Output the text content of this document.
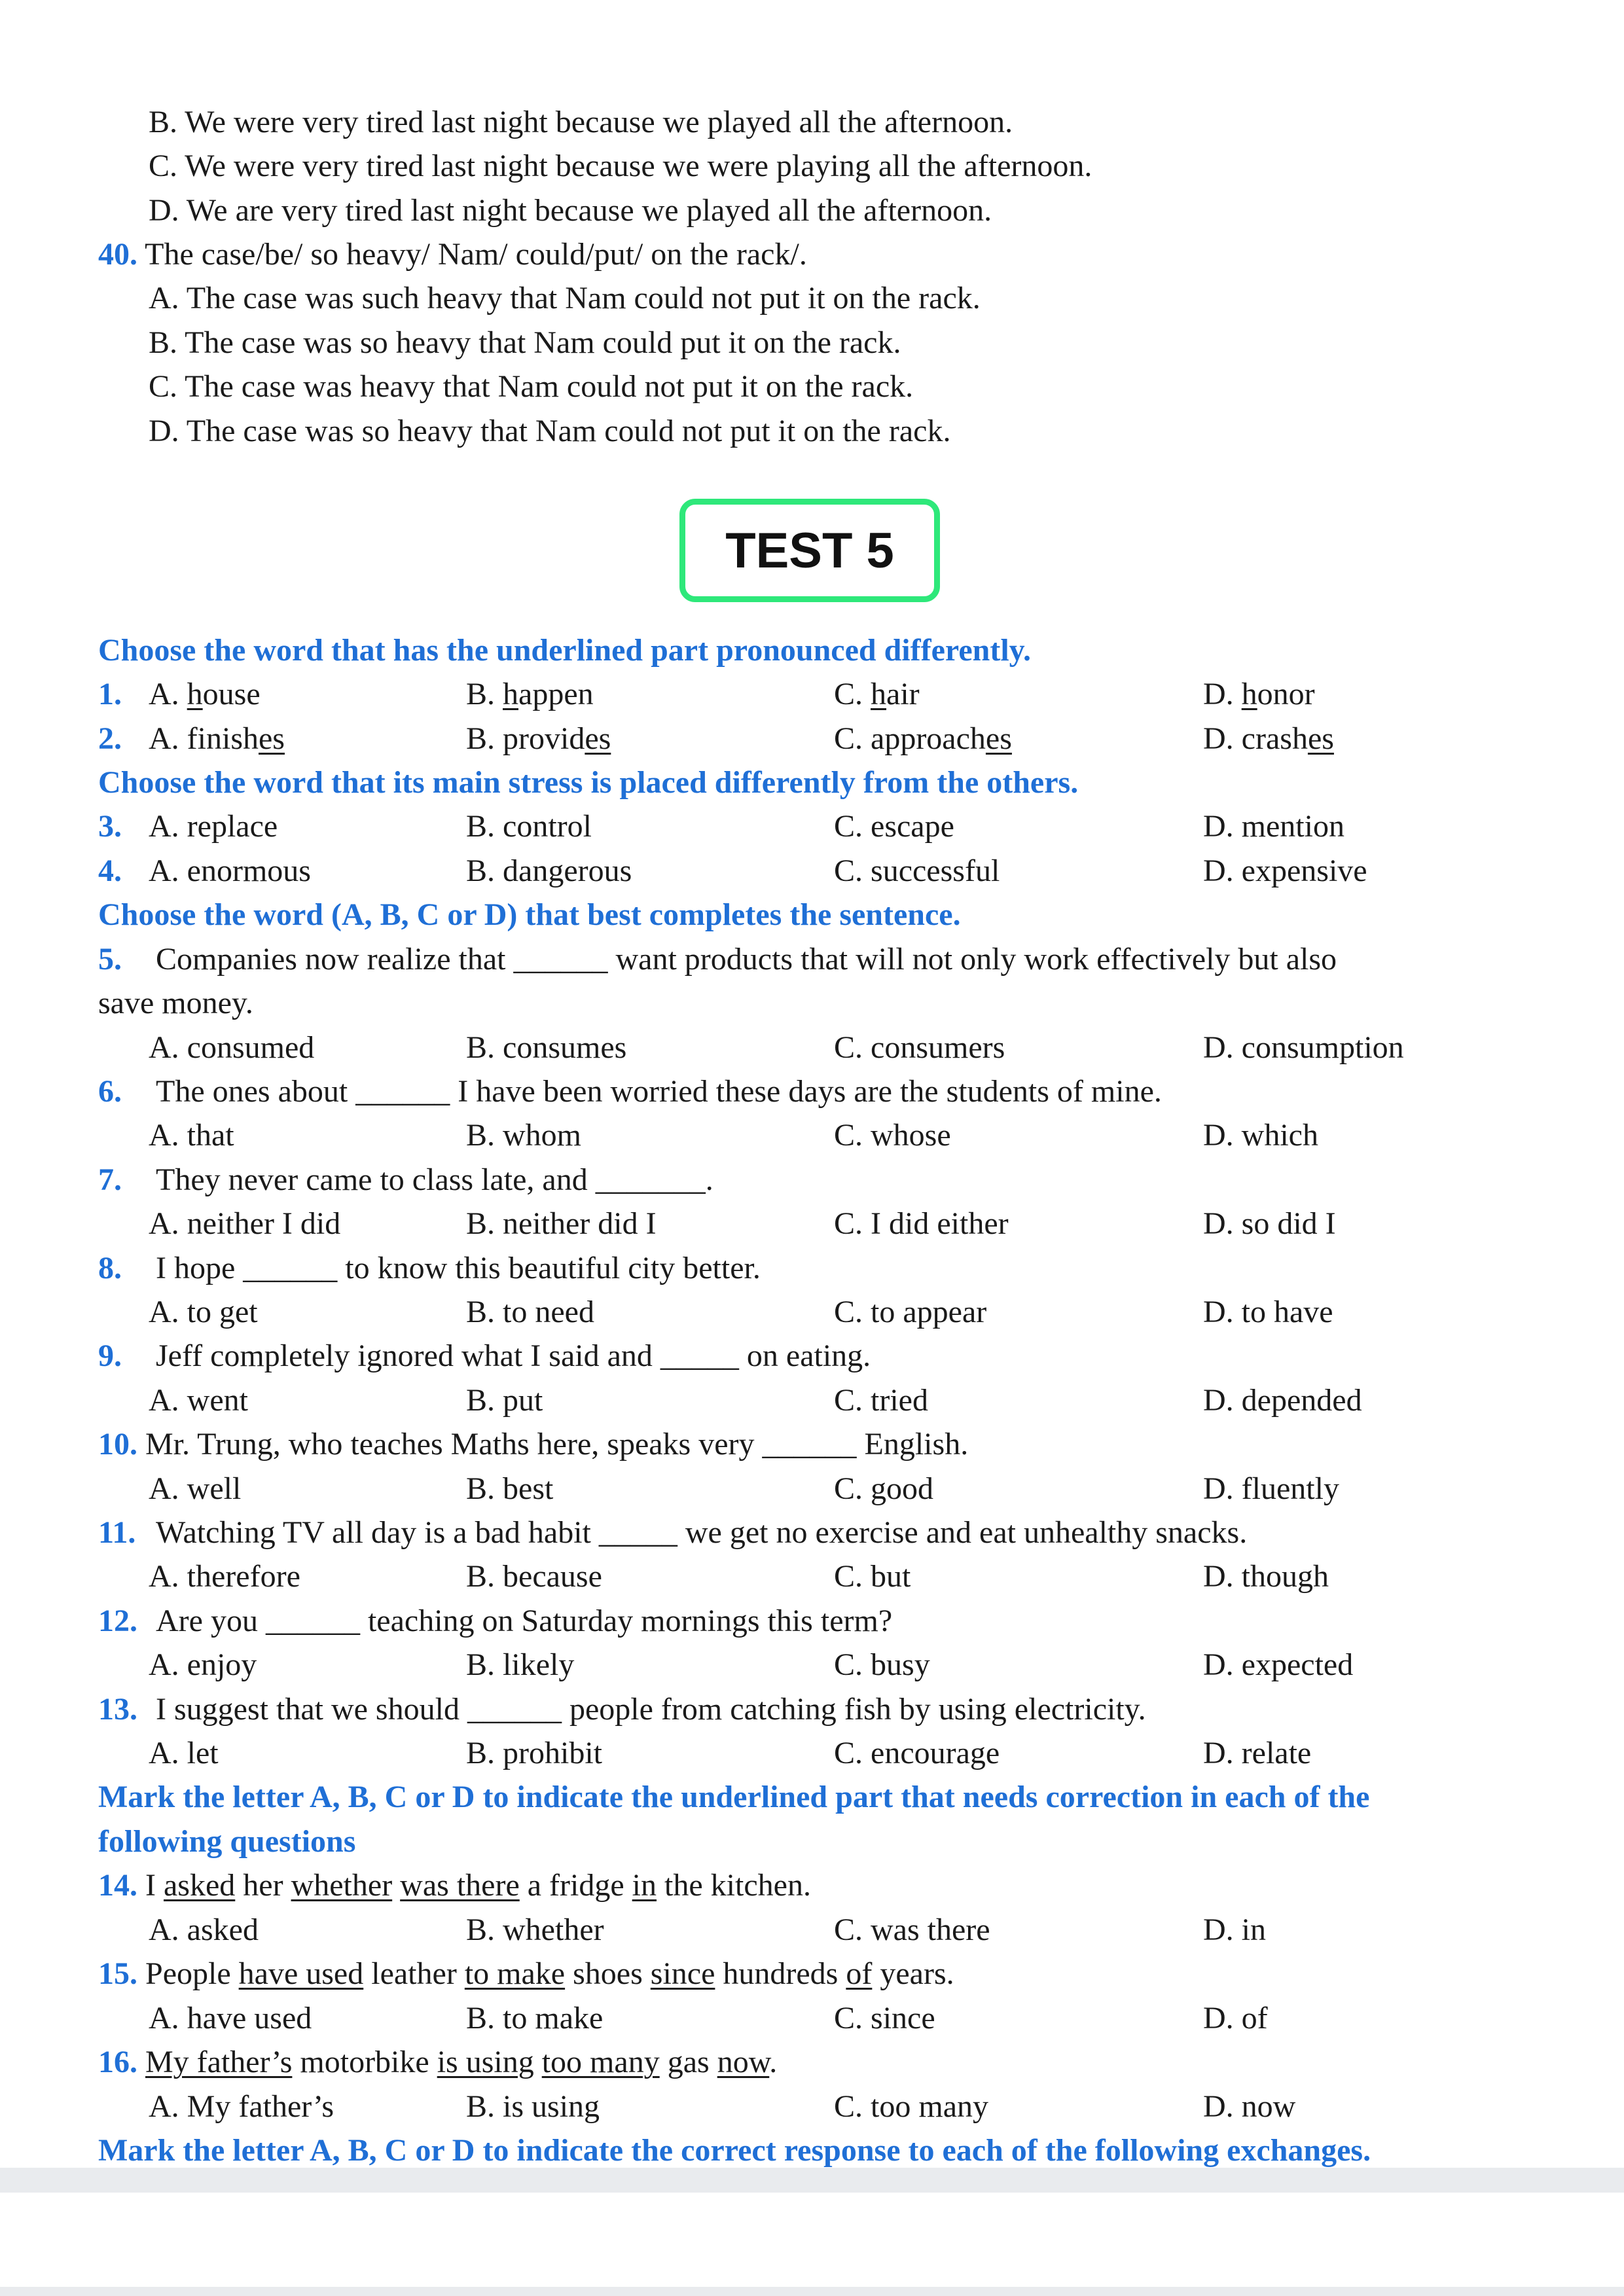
B. We were very tired last night because we played all the afternoon.
C. We were very tired last night because we were playing all the afternoon.
D. We are very tired last night because we played all the afternoon.
40. The case/be/ so heavy/ Nam/ could/put/ on the rack/.
A. The case was such heavy that Nam could not put it on the rack.
B. The case was so heavy that Nam could put it on the rack.
C. The case was heavy that Nam could not put it on the rack.
D. The case was so heavy that Nam could not put it on the rack.
TEST 5
Choose the word that has the underlined part pronounced differently.
1. A. house	B. happen	C. hair	D. honor
2. A. finishes	B. provides	C. approaches	D. crashes
Choose the word that its main stress is placed differently from the others.
3. A. replace	B. control	C. escape	D. mention
4. A. enormous	B. dangerous	C. successful	D. expensive
Choose the word (A, B, C or D) that best completes the sentence.
5. Companies now realize that ______ want products that will not only work effectively but also
save money.
A. consumed	B. consumes	C. consumers	D. consumption
6. The ones about ______ I have been worried these days are the students of mine.
A. that	B. whom	C. whose	D. which
7. They never came to class late, and _______.
A. neither I did	B. neither did I	C. I did either	D. so did I
8. I hope ______ to know this beautiful city better.
A. to get	B. to need	C. to appear	D. to have
9. Jeff completely ignored what I said and _____ on eating.
A. went	B. put	C. tried	D. depended
10. Mr. Trung, who teaches Maths here, speaks very ______ English.
A. well	B. best	C. good	D. fluently
11. Watching TV all day is a bad habit _____ we get no exercise and eat unhealthy snacks.
A. therefore	B. because	C. but	D. though
12. Are you ______ teaching on Saturday mornings this term?
A. enjoy	B. likely	C. busy	D. expected
13. I suggest that we should ______ people from catching fish by using electricity.
A. let	B. prohibit	C. encourage	D. relate
Mark the letter A, B, C or D to indicate the underlined part that needs correction in each of the
following questions
14. I asked her whether was there a fridge in the kitchen.
A. asked	B. whether	C. was there	D. in
15. People have used leather to make shoes since hundreds of years.
A. have used	B. to make	C. since	D. of
16. My father’s motorbike is using too many gas now.
A. My father’s	B. is using	C. too many	D. now
Mark the letter A, B, C or D to indicate the correct response to each of the following exchanges.
